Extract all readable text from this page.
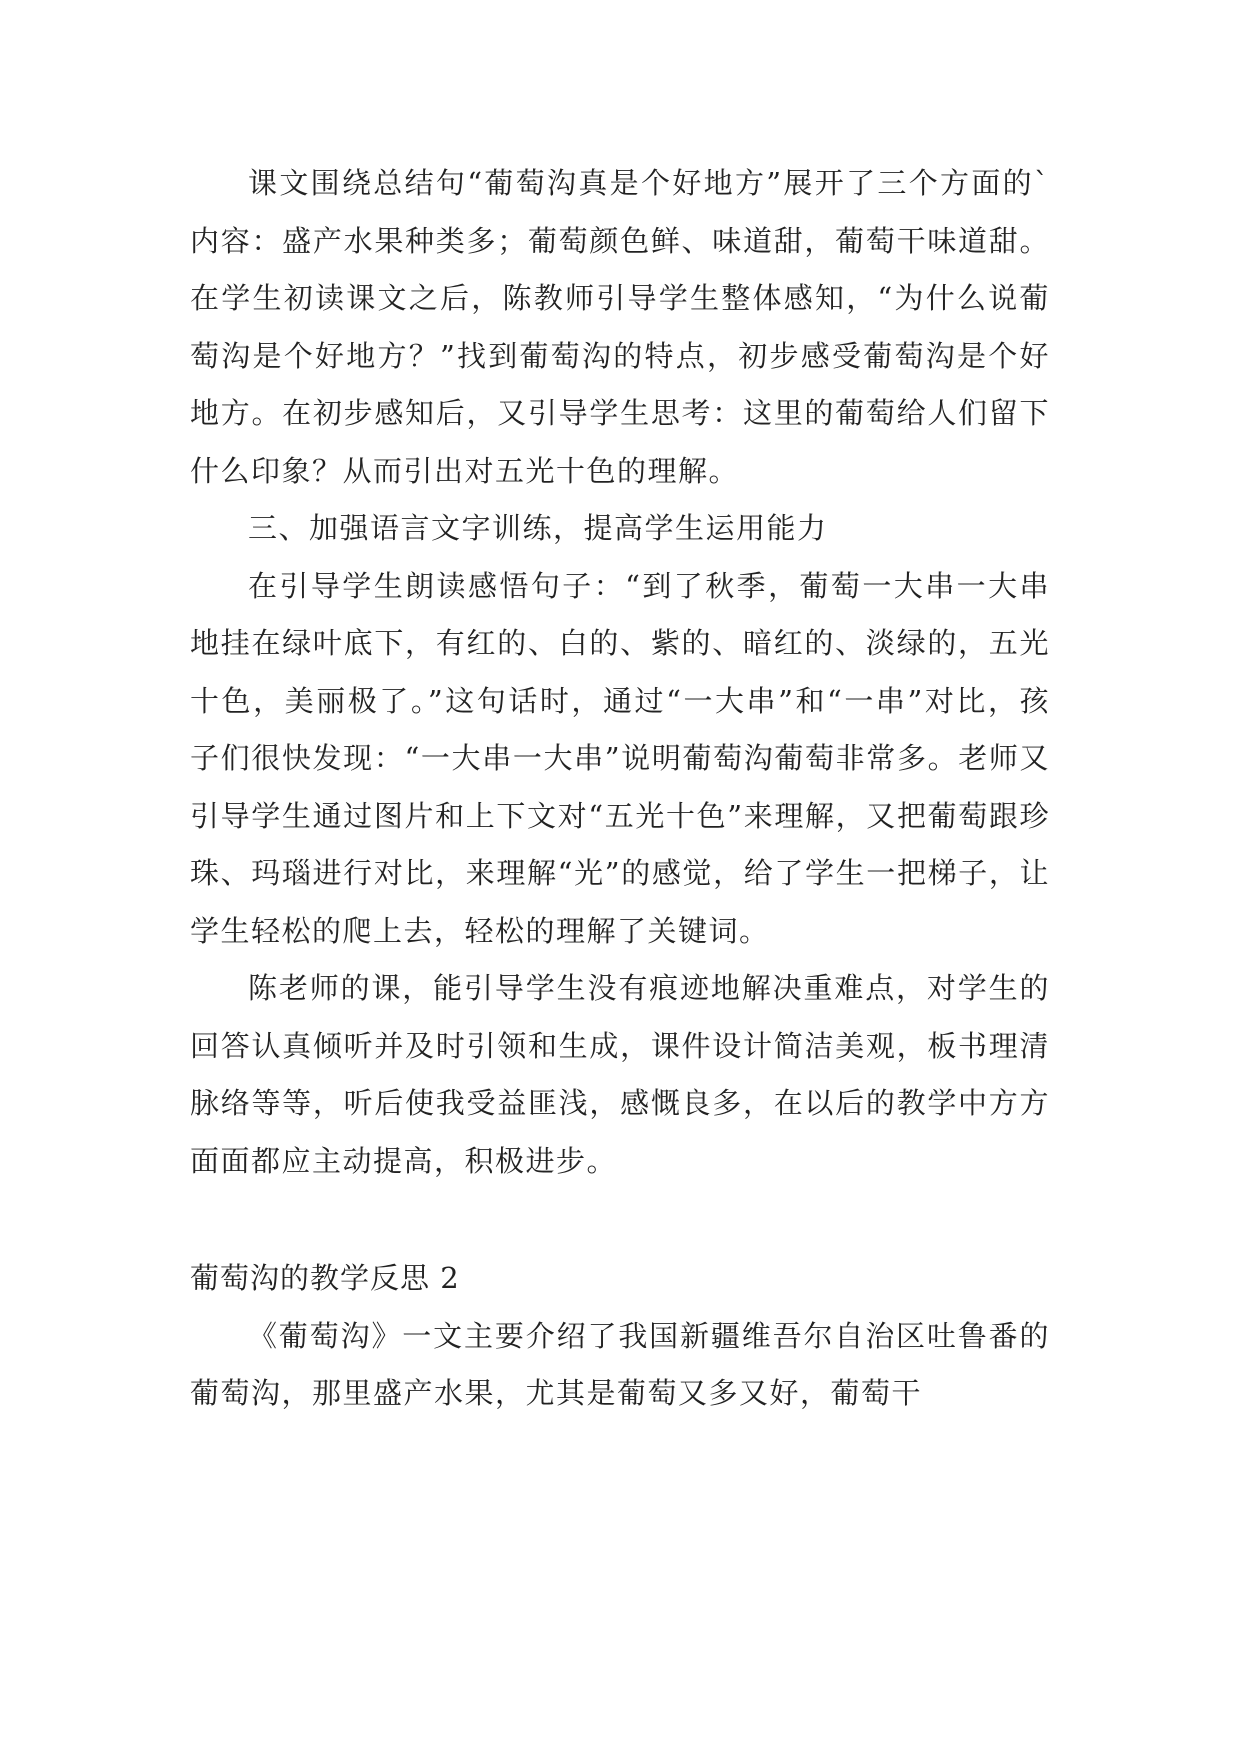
课文围绕总结句“葡萄沟真是个好地方”展开了三个方面的`内容：盛产水果种类多；葡萄颜色鲜、味道甜，葡萄干味道甜。在学生初读课文之后，陈教师引导学生整体感知，“为什么说葡萄沟是个好地方？”找到葡萄沟的特点，初步感受葡萄沟是个好地方。在初步感知后，又引导学生思考：这里的葡萄给人们留下什么印象？从而引出对五光十色的理解。

三、加强语言文字训练，提高学生运用能力

在引导学生朗读感悟句子：“到了秋季，葡萄一大串一大串地挂在绿叶底下，有红的、白的、紫的、暗红的、淡绿的，五光十色，美丽极了。”这句话时，通过“一大串”和“一串”对比，孩子们很快发现：“一大串一大串”说明葡萄沟葡萄非常多。老师又引导学生通过图片和上下文对“五光十色”来理解，又把葡萄跟珍珠、玛瑙进行对比，来理解“光”的感觉，给了学生一把梯子，让学生轻松的爬上去，轻松的理解了关键词。

陈老师的课，能引导学生没有痕迹地解决重难点，对学生的回答认真倾听并及时引领和生成，课件设计简洁美观，板书理清脉络等等，听后使我受益匪浅，感慨良多，在以后的教学中方方面面都应主动提高，积极进步。

葡萄沟的教学反思 2

《葡萄沟》一文主要介绍了我国新疆维吾尔自治区吐鲁番的葡萄沟，那里盛产水果，尤其是葡萄又多又好，葡萄干
